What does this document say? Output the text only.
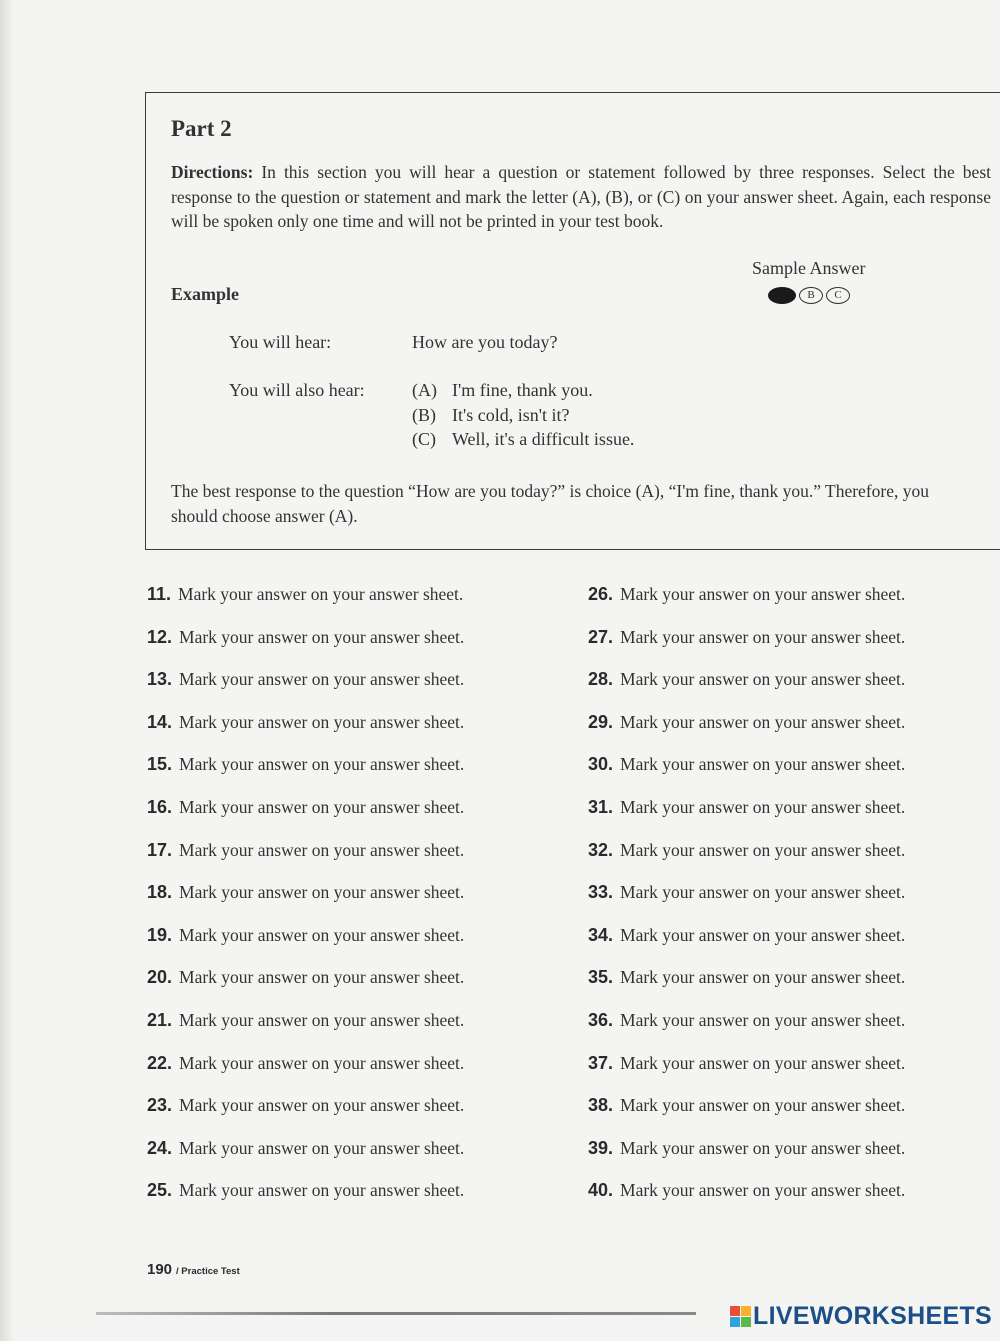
Part 2
Directions: In this section you will hear a question or statement followed by three responses. Select the best response to the question or statement and mark the letter (A), (B), or (C) on your answer sheet. Again, each response will be spoken only one time and will not be printed in your test book.
Sample Answer
B	C
Example
You will hear:	How are you today?
You will also hear:	(A) I'm fine, thank you.
(B) It's cold, isn't it?
(C) Well, it's a difficult issue.
The best response to the question “How are you today?” is choice (A), “I'm fine, thank you.” Therefore, you should choose answer (A).
11. Mark your answer on your answer sheet.
12. Mark your answer on your answer sheet.
13. Mark your answer on your answer sheet.
14. Mark your answer on your answer sheet.
15. Mark your answer on your answer sheet.
16. Mark your answer on your answer sheet.
17. Mark your answer on your answer sheet.
18. Mark your answer on your answer sheet.
19. Mark your answer on your answer sheet.
20. Mark your answer on your answer sheet.
21. Mark your answer on your answer sheet.
22. Mark your answer on your answer sheet.
23. Mark your answer on your answer sheet.
24. Mark your answer on your answer sheet.
25. Mark your answer on your answer sheet.
26. Mark your answer on your answer sheet.
27. Mark your answer on your answer sheet.
28. Mark your answer on your answer sheet.
29. Mark your answer on your answer sheet.
30. Mark your answer on your answer sheet.
31. Mark your answer on your answer sheet.
32. Mark your answer on your answer sheet.
33. Mark your answer on your answer sheet.
34. Mark your answer on your answer sheet.
35. Mark your answer on your answer sheet.
36. Mark your answer on your answer sheet.
37. Mark your answer on your answer sheet.
38. Mark your answer on your answer sheet.
39. Mark your answer on your answer sheet.
40. Mark your answer on your answer sheet.
190 / Practice Test
LIVEWORKSHEETS
